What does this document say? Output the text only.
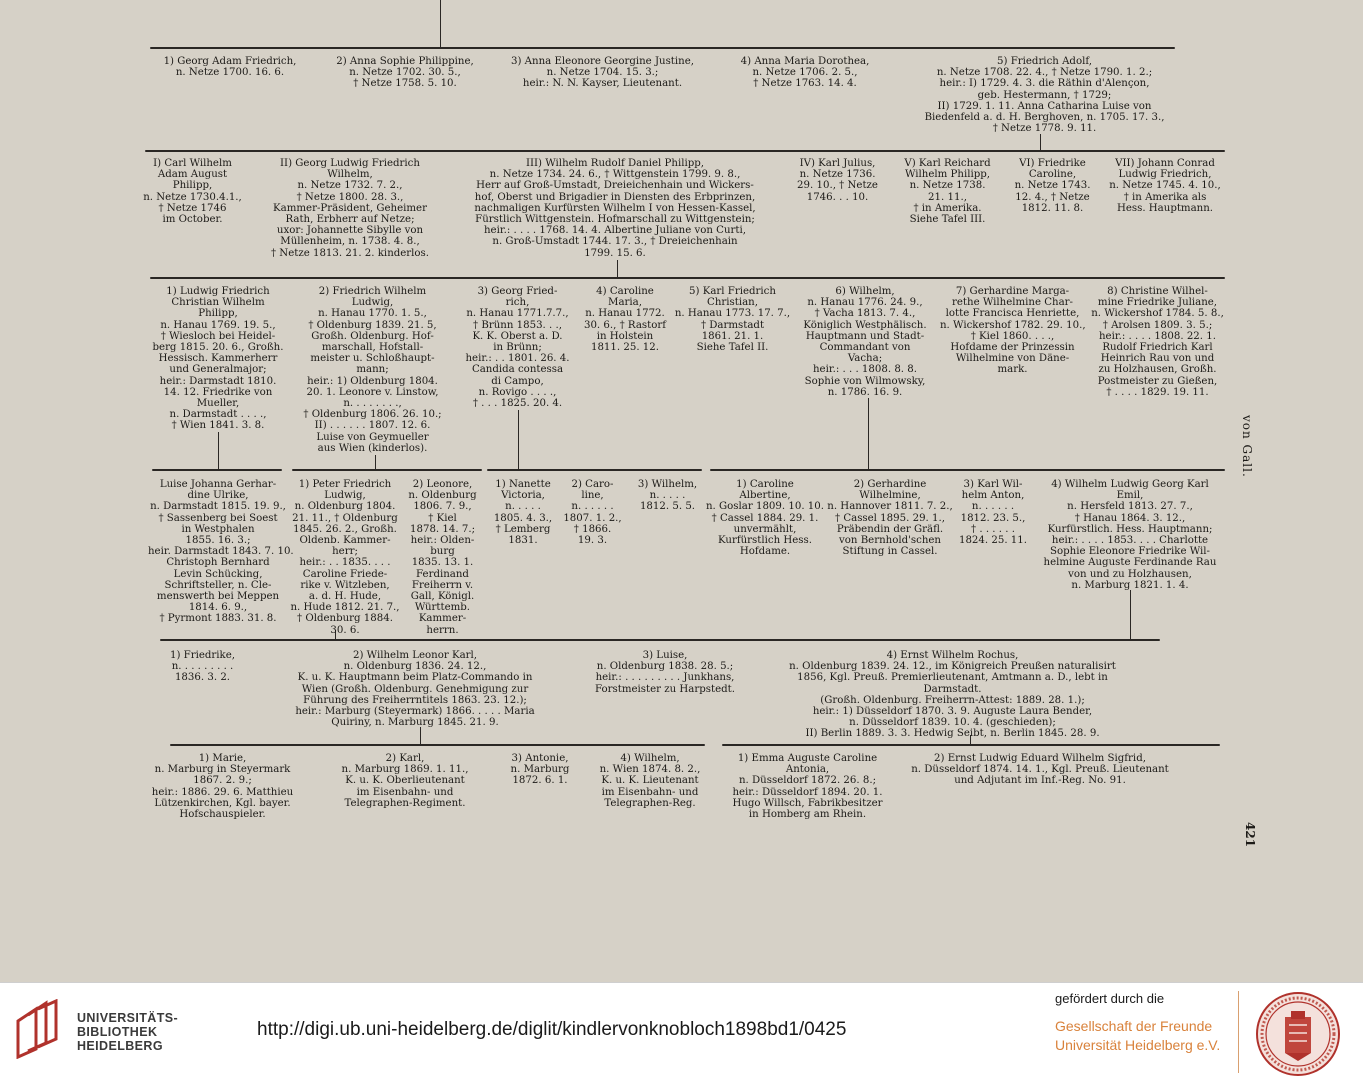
1) Georg Adam Friedrich,
n. Netze 1700. 16. 6.
2) Anna Sophie Philippine,
n. Netze 1702. 30. 5.,
† Netze 1758. 5. 10.
3) Anna Eleonore Georgine Justine,
n. Netze 1704. 15. 3.;
heir.: N. N. Kayser, Lieutenant.
4) Anna Maria Dorothea,
n. Netze 1706. 2. 5.,
† Netze 1763. 14. 4.
5) Friedrich Adolf,
n. Netze 1708. 22. 4., † Netze 1790. 1. 2.;
heir.: I) 1729. 4. 3. die Räthin d'Alençon,
geb. Hestermann, † 1729;
II) 1729. 1. 11. Anna Catharina Luise von
Biedenfeld a. d. H. Berghoven, n. 1705. 17. 3.,
† Netze 1778. 9. 11.
I) Carl Wilhelm
Adam August
Philipp,
n. Netze 1730.4.1.,
† Netze 1746
im October.
II) Georg Ludwig Friedrich
Wilhelm,
n. Netze 1732. 7. 2.,
† Netze 1800. 28. 3.,
Kammer-Präsident, Geheimer
Rath, Erbherr auf Netze;
uxor: Johannette Sibylle von
Müllenheim, n. 1738. 4. 8.,
† Netze 1813. 21. 2. kinderlos.
III) Wilhelm Rudolf Daniel Philipp,
n. Netze 1734. 24. 6., † Wittgenstein 1799. 9. 8.,
Herr auf Groß-Umstadt, Dreieichenhain und Wickers-
hof, Oberst und Brigadier in Diensten des Erbprinzen,
nachmaligen Kurfürsten Wilhelm I von Hessen-Kassel,
Fürstlich Wittgenstein. Hofmarschall zu Wittgenstein;
heir.: . . . . 1768. 14. 4. Albertine Juliane von Curti,
n. Groß-Umstadt 1744. 17. 3., † Dreieichenhain
1799. 15. 6.
IV) Karl Julius,
n. Netze 1736.
29. 10., † Netze
1746. . . 10.
V) Karl Reichard
Wilhelm Philipp,
n. Netze 1738.
21. 11.,
† in Amerika.
Siehe Tafel III.
VI) Friedrike
Caroline,
n. Netze 1743.
12. 4., † Netze
1812. 11. 8.
VII) Johann Conrad
Ludwig Friedrich,
n. Netze 1745. 4. 10.,
† in Amerika als
Hess. Hauptmann.
1) Ludwig Friedrich
Christian Wilhelm
Philipp,
n. Hanau 1769. 19. 5.,
† Wiesloch bei Heidel-
berg 1815. 20. 6., Großh.
Hessisch. Kammerherr
und Generalmajor;
heir.: Darmstadt 1810.
14. 12. Friedrike von
Mueller,
n. Darmstadt . . . .,
† Wien 1841. 3. 8.
2) Friedrich Wilhelm
Ludwig,
n. Hanau 1770. 1. 5.,
† Oldenburg 1839. 21. 5,
Großh. Oldenburg. Hof-
marschall, Hofstall-
meister u. Schloßhaupt-
mann;
heir.: 1) Oldenburg 1804.
20. 1. Leonore v. Linstow,
n. . . . . . . .,
† Oldenburg 1806. 26. 10.;
II) . . . . . . 1807. 12. 6.
Luise von Geymueller
aus Wien (kinderlos).
3) Georg Fried-
rich,
n. Hanau 1771.7.7.,
† Brünn 1853. . .,
K. K. Oberst a. D.
in Brünn;
heir.: . . 1801. 26. 4.
Candida contessa
di Campo,
n. Rovigo . . . .,
† . . . 1825. 20. 4.
4) Caroline
Maria,
n. Hanau 1772.
30. 6., † Rastorf
in Holstein
1811. 25. 12.
5) Karl Friedrich
Christian,
n. Hanau 1773. 17. 7.,
† Darmstadt
1861. 21. 1.
Siehe Tafel II.
6) Wilhelm,
n. Hanau 1776. 24. 9.,
† Vacha 1813. 7. 4.,
Königlich Westphälisch.
Hauptmann und Stadt-
Commandant von
Vacha;
heir.: . . . 1808. 8. 8.
Sophie von Wilmowsky,
n. 1786. 16. 9.
7) Gerhardine Marga-
rethe Wilhelmine Char-
lotte Francisca Henriette,
n. Wickershof 1782. 29. 10.,
† Kiel 1860. . . .,
Hofdame der Prinzessin
Wilhelmine von Däne-
mark.
8) Christine Wilhel-
mine Friedrike Juliane,
n. Wickershof 1784. 5. 8.,
† Arolsen 1809. 3. 5.;
heir.: . . . . 1808. 22. 1.
Rudolf Friedrich Karl
Heinrich Rau von und
zu Holzhausen, Großh.
Postmeister zu Gießen,
† . . . . 1829. 19. 11.
Luise Johanna Gerhar-
dine Ulrike,
n. Darmstadt 1815. 19. 9.,
† Sassenberg bei Soest
in Westphalen
1855. 16. 3.;
heir. Darmstadt 1843. 7. 10.
Christoph Bernhard
Levin Schücking,
Schriftsteller, n. Cle-
menswerth bei Meppen
1814. 6. 9.,
† Pyrmont 1883. 31. 8.
1) Peter Friedrich
Ludwig,
n. Oldenburg 1804.
21. 11., † Oldenburg
1845. 26. 2., Großh.
Oldenb. Kammer-
herr;
heir.: . . 1835. . . .
Caroline Friede-
rike v. Witzleben,
a. d. H. Hude,
n. Hude 1812. 21. 7.,
† Oldenburg 1884.
30. 6.
2) Leonore,
n. Oldenburg
1806. 7. 9.,
† Kiel
1878. 14. 7.;
heir.: Olden-
burg
1835. 13. 1.
Ferdinand
Freiherrn v.
Gall, Königl.
Württemb.
Kammer-
herrn.
1) Nanette
Victoria,
n. . . . .
1805. 4. 3.,
† Lemberg
1831.
2) Caro-
line,
n. . . . . .
1807. 1. 2.,
† 1866.
19. 3.
3) Wilhelm,
n. . . . .
1812. 5. 5.
1) Caroline
Albertine,
n. Goslar 1809. 10. 10.
† Cassel 1884. 29. 1.
unvermählt,
Kurfürstlich Hess.
Hofdame.
2) Gerhardine
Wilhelmine,
n. Hannover 1811. 7. 2.,
† Cassel 1895. 29. 1.,
Präbendin der Gräfl.
von Bernhold'schen
Stiftung in Cassel.
3) Karl Wil-
helm Anton,
n. . . . . .
1812. 23. 5.,
† . . . . . .
1824. 25. 11.
4) Wilhelm Ludwig Georg Karl
Emil,
n. Hersfeld 1813. 27. 7.,
† Hanau 1864. 3. 12.,
Kurfürstlich. Hess. Hauptmann;
heir.: . . . . 1853. . . . Charlotte
Sophie Eleonore Friedrike Wil-
helmine Auguste Ferdinande Rau
von und zu Holzhausen,
n. Marburg 1821. 1. 4.
1) Friedrike,
n. . . . . . . . .
1836. 3. 2.
2) Wilhelm Leonor Karl,
n. Oldenburg 1836. 24. 12.,
K. u. K. Hauptmann beim Platz-Commando in
Wien (Großh. Oldenburg. Genehmigung zur
Führung des Freiherrntitels 1863. 23. 12.);
heir.: Marburg (Steyermark) 1866. . . . . Maria
Quiriny, n. Marburg 1845. 21. 9.
3) Luise,
n. Oldenburg 1838. 28. 5.;
heir.: . . . . . . . . . Junkhans,
Forstmeister zu Harpstedt.
4) Ernst Wilhelm Rochus,
n. Oldenburg 1839. 24. 12., im Königreich Preußen naturalisirt
1856, Kgl. Preuß. Premierlieutenant, Amtmann a. D., lebt in
Darmstadt.
(Großh. Oldenburg. Freiherrn-Attest: 1889. 28. 1.);
heir.: 1) Düsseldorf 1870. 3. 9. Auguste Laura Bender,
n. Düsseldorf 1839. 10. 4. (geschieden);
II) Berlin 1889. 3. 3. Hedwig Seibt, n. Berlin 1845. 28. 9.
1) Marie,
n. Marburg in Steyermark
1867. 2. 9.;
heir.: 1886. 29. 6. Matthieu
Lützenkirchen, Kgl. bayer.
Hofschauspieler.
2) Karl,
n. Marburg 1869. 1. 11.,
K. u. K. Oberlieutenant
im Eisenbahn- und
Telegraphen-Regiment.
3) Antonie,
n. Marburg
1872. 6. 1.
4) Wilhelm,
n. Wien 1874. 8. 2.,
K. u. K. Lieutenant
im Eisenbahn- und
Telegraphen-Reg.
1) Emma Auguste Caroline
Antonia,
n. Düsseldorf 1872. 26. 8.;
heir.: Düsseldorf 1894. 20. 1.
Hugo Willsch, Fabrikbesitzer
in Homberg am Rhein.
2) Ernst Ludwig Eduard Wilhelm Sigfrid,
n. Düsseldorf 1874. 14. 1., Kgl. Preuß. Lieutenant
und Adjutant im Inf.-Reg. No. 91.
von Gall.
421
UNIVERSITÄTS-
BIBLIOTHEK
HEIDELBERG
http://digi.ub.uni-heidelberg.de/diglit/kindlervonknobloch1898bd1/0425
gefördert durch die
Gesellschaft der Freunde
Universität Heidelberg e.V.
